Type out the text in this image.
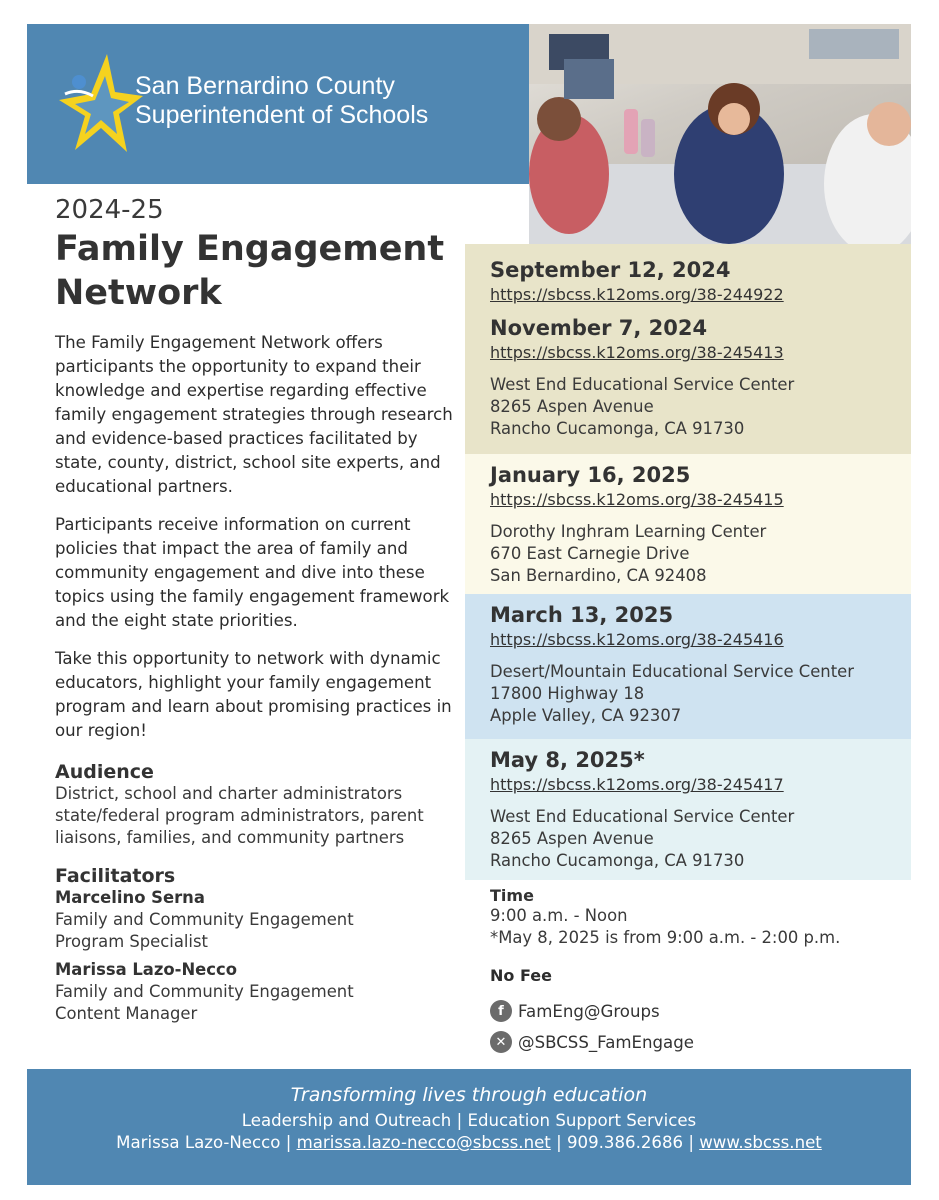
San Bernardino County
Superintendent of Schools
2024-25
Family Engagement
Network

The Family Engagement Network offers participants the opportunity to expand their knowledge and expertise regarding effective family engagement strategies through research and evidence-based practices facilitated by state, county, district, school site experts, and educational partners.

Participants receive information on current policies that impact the area of family and community engagement and dive into these topics using the family engagement framework and the eight state priorities.

Take this opportunity to network with dynamic educators, highlight your family engagement program and learn about promising practices in our region!

Audience

District, school and charter administrators state/federal program administrators, parent liaisons, families, and community partners

Facilitators
Marcelino Serna
Family and Community Engagement
Program Specialist
Marissa Lazo-Necco
Family and Community Engagement
Content Manager
September 12, 2024
https://sbcss.k12oms.org/38-244922
November 7, 2024
https://sbcss.k12oms.org/38-245413
West End Educational Service Center
8265 Aspen Avenue
Rancho Cucamonga, CA 91730
January 16, 2025
https://sbcss.k12oms.org/38-245415
Dorothy Inghram Learning Center
670 East Carnegie Drive
San Bernardino, CA 92408
March 13, 2025
https://sbcss.k12oms.org/38-245416
Desert/Mountain Educational Service Center
17800 Highway 18
Apple Valley, CA 92307
May 8, 2025*
https://sbcss.k12oms.org/38-245417
West End Educational Service Center
8265 Aspen Avenue
Rancho Cucamonga, CA 91730
Time
9:00 a.m. - Noon
*May 8, 2025 is from 9:00 a.m. - 2:00 p.m.
No Fee
f FamEng@Groups
✕ @SBCSS_FamEngage
Transforming lives through education
Leadership and Outreach | Education Support Services
Marissa Lazo-Necco | marissa.lazo-necco@sbcss.net | 909.386.2686 | www.sbcss.net
